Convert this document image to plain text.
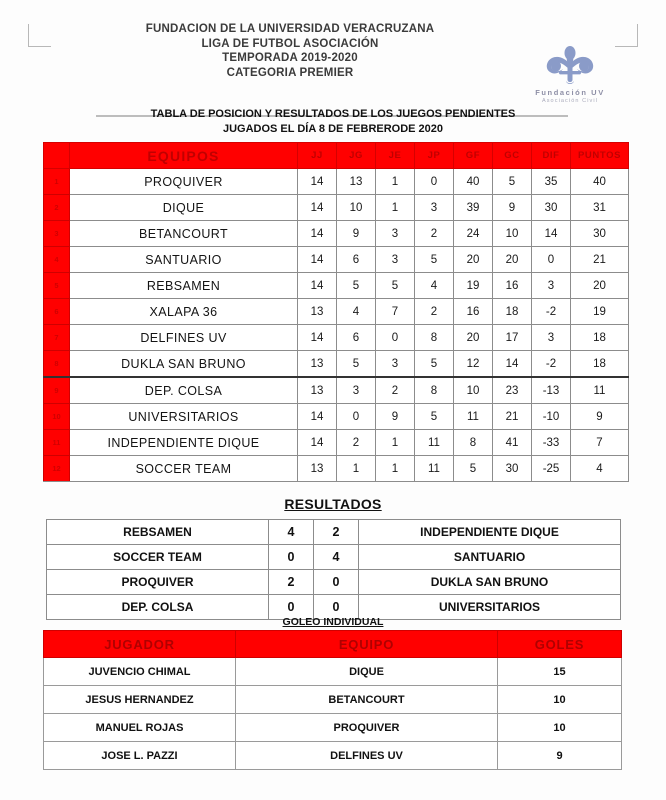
FUNDACION DE LA UNIVERSIDAD VERACRUZANA
LIGA DE FUTBOL ASOCIACIÓN
TEMPORADA 2019-2020
CATEGORIA PREMIER
Fundación UV
Asociación Civil
TABLA DE POSICION Y RESULTADOS DE LOS JUEGOS PENDIENTES
JUGADOS EL DÍA 8 DE FEBRERODE 2020
	EQUIPOS	JJ	JG	JE	JP	GF	GC	DIF	PUNTOS
1	PROQUIVER	14	13	1	0	40	5	35	40
2	DIQUE	14	10	1	3	39	9	30	31
3	BETANCOURT	14	9	3	2	24	10	14	30
4	SANTUARIO	14	6	3	5	20	20	0	21
5	REBSAMEN	14	5	5	4	19	16	3	20
6	XALAPA 36	13	4	7	2	16	18	-2	19
7	DELFINES UV	14	6	0	8	20	17	3	18
8	DUKLA SAN BRUNO	13	5	3	5	12	14	-2	18
9	DEP. COLSA	13	3	2	8	10	23	-13	11
10	UNIVERSITARIOS	14	0	9	5	11	21	-10	9
11	INDEPENDIENTE DIQUE	14	2	1	11	8	41	-33	7
12	SOCCER TEAM	13	1	1	11	5	30	-25	4
RESULTADOS
REBSAMEN	4	2	INDEPENDIENTE DIQUE
SOCCER TEAM	0	4	SANTUARIO
PROQUIVER	2	0	DUKLA SAN BRUNO
DEP. COLSA	0	0	UNIVERSITARIOS
GOLEO INDIVIDUAL
JUGADOR	EQUIPO	GOLES
JUVENCIO CHIMAL	DIQUE	15
JESUS HERNANDEZ	BETANCOURT	10
MANUEL ROJAS	PROQUIVER	10
JOSE L. PAZZI	DELFINES UV	9
